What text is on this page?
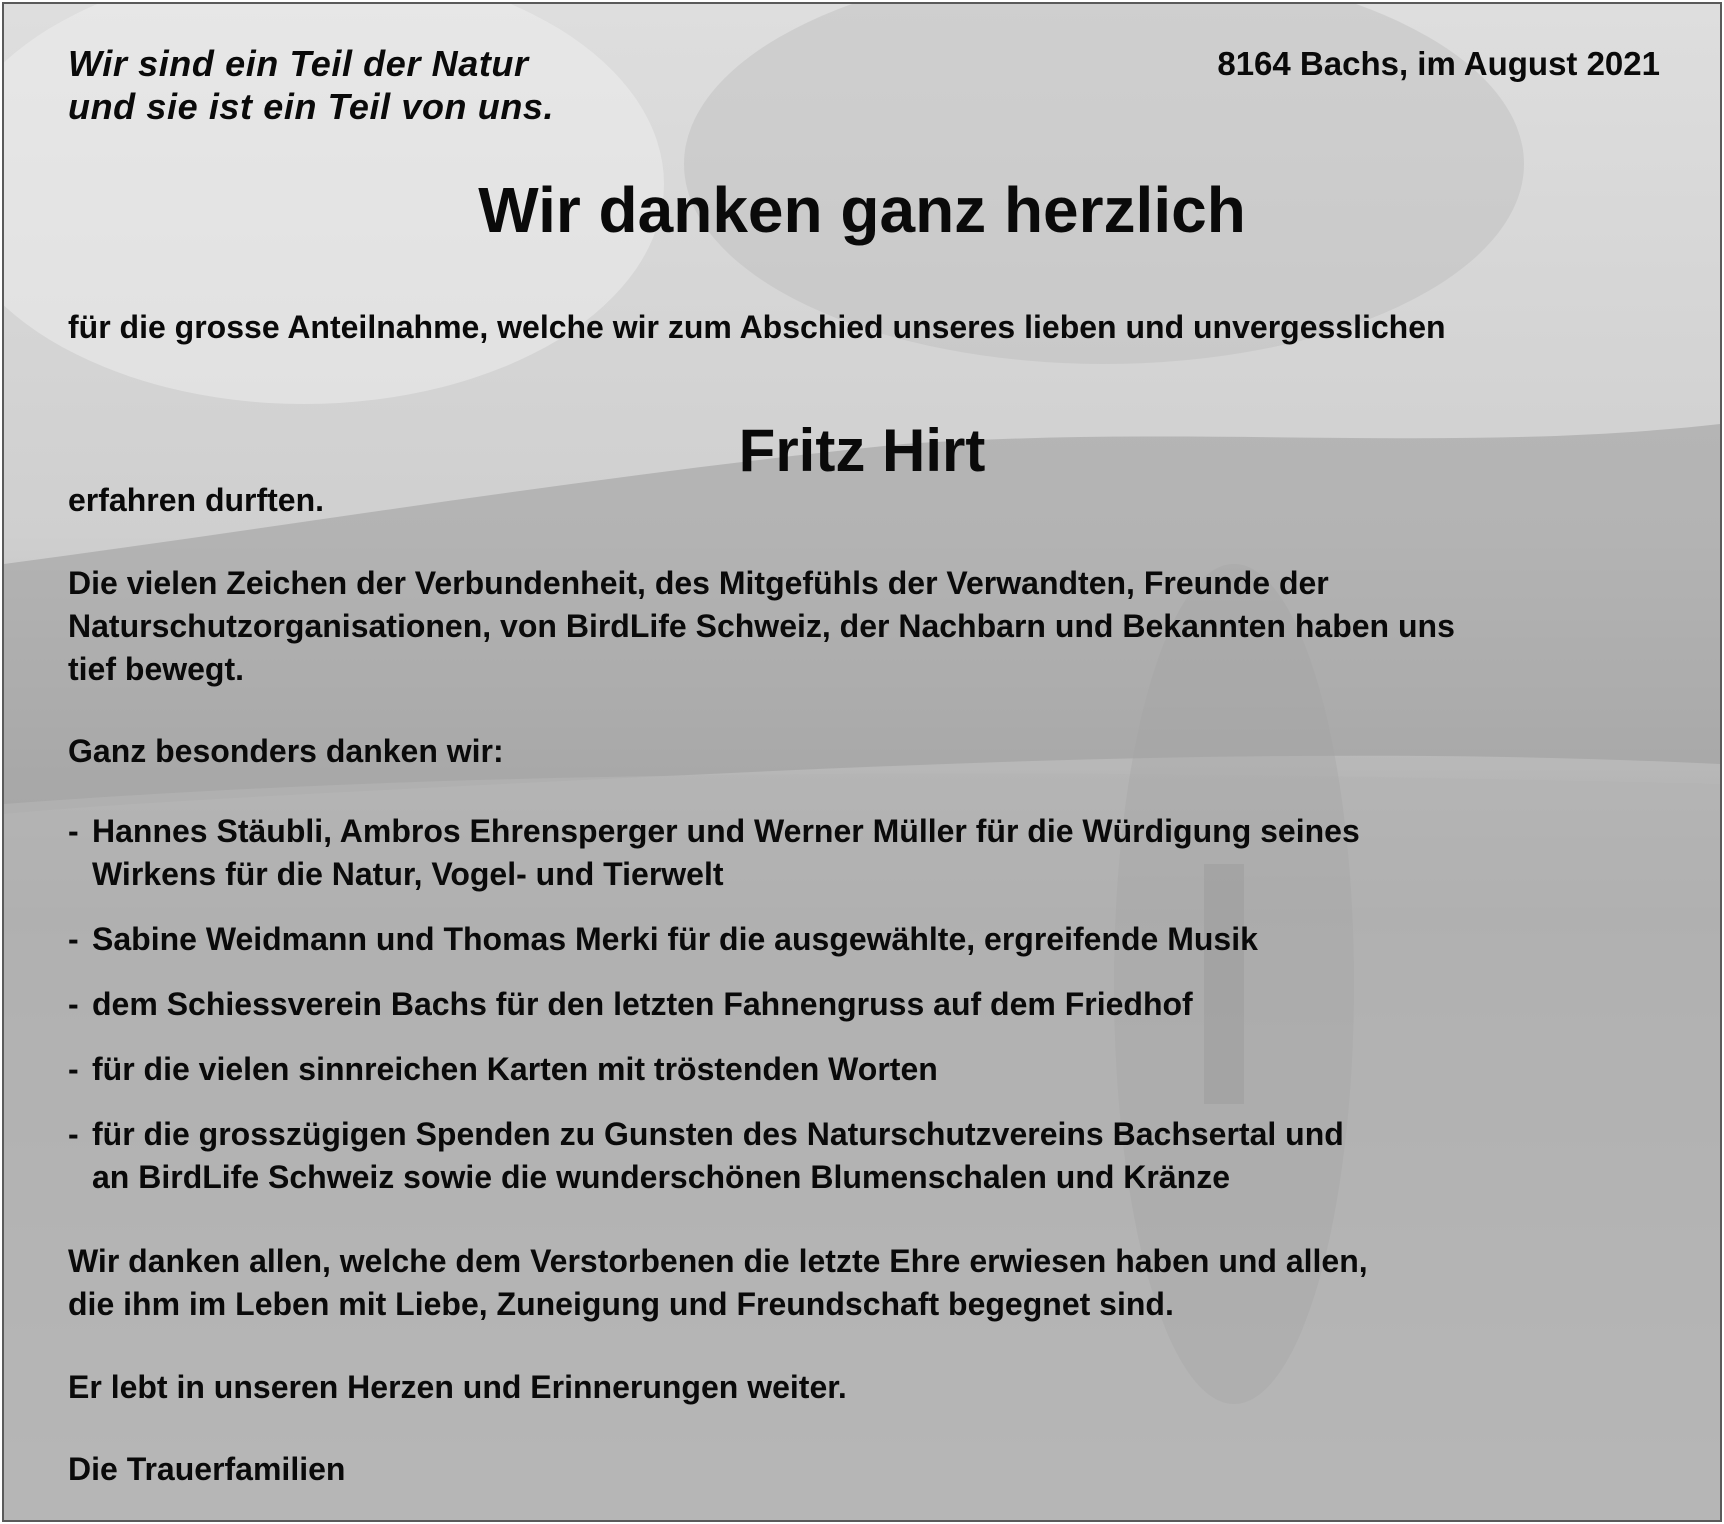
Wir sind ein Teil der Natur
und sie ist ein Teil von uns.
8164 Bachs, im August 2021
Wir danken ganz herzlich

für die grosse Anteilnahme, welche wir zum Abschied unseres lieben und unvergesslichen

Fritz Hirt

erfahren durften.

Die vielen Zeichen der Verbundenheit, des Mitgefühls der Verwandten, Freunde der
Naturschutzorganisationen, von BirdLife Schweiz, der Nachbarn und Bekannten haben uns
tief bewegt.

Ganz besonders danken wir:

- Hannes Stäubli, Ambros Ehrensperger und Werner Müller für die Würdigung seines
Wirkens für die Natur, Vogel- und Tierwelt
- Sabine Weidmann und Thomas Merki für die ausgewählte, ergreifende Musik
- dem Schiessverein Bachs für den letzten Fahnengruss auf dem Friedhof
- für die vielen sinnreichen Karten mit tröstenden Worten
- für die grosszügigen Spenden zu Gunsten des Naturschutzvereins Bachsertal und
an BirdLife Schweiz sowie die wunderschönen Blumenschalen und Kränze
Wir danken allen, welche dem Verstorbenen die letzte Ehre erwiesen haben und allen,
die ihm im Leben mit Liebe, Zuneigung und Freundschaft begegnet sind.

Er lebt in unseren Herzen und Erinnerungen weiter.

Die Trauerfamilien
